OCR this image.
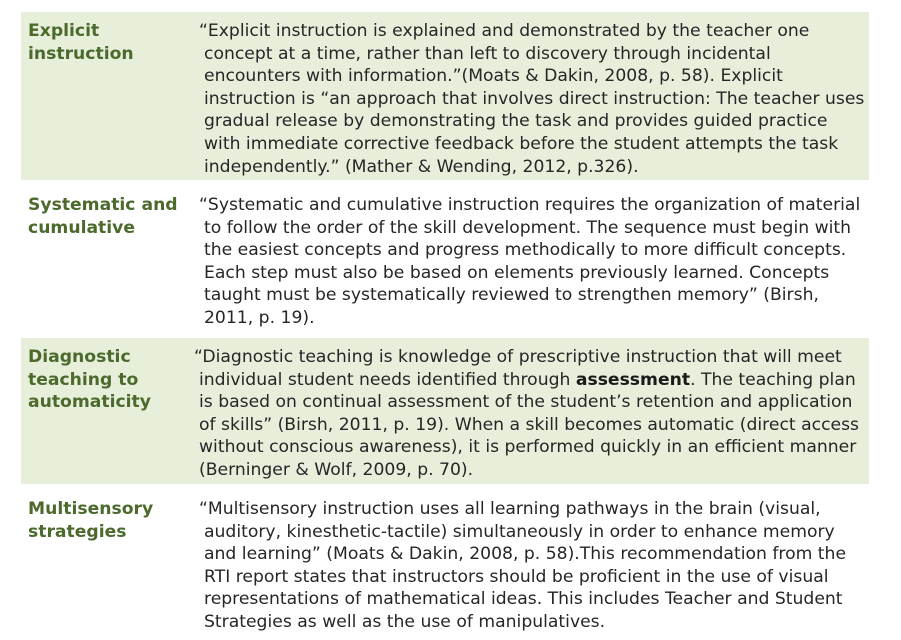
Explicit instruction
“Explicit instruction is explained and demonstrated by the teacher one concept at a time, rather than left to discovery through incidental encounters with information.”(Moats & Dakin, 2008, p. 58). Explicit instruction is “an approach that involves direct instruction: The teacher uses gradual release by demonstrating the task and provides guided practice with immediate corrective feedback before the student attempts the task independently.” (Mather & Wending, 2012, p.326).
Systematic and cumulative
“Systematic and cumulative instruction requires the organization of material to follow the order of the skill development. The sequence must begin with the easiest concepts and progress methodically to more difficult concepts. Each step must also be based on elements previously learned. Concepts taught must be systematically reviewed to strengthen memory” (Birsh, 2011, p. 19).
Diagnostic teaching to automaticity
“Diagnostic teaching is knowledge of prescriptive instruction that will meet individual student needs identified through assessment. The teaching plan is based on continual assessment of the student’s retention and application of skills” (Birsh, 2011, p. 19). When a skill becomes automatic (direct access without conscious awareness), it is performed quickly in an efficient manner (Berninger & Wolf, 2009, p. 70).
Multisensory strategies
“Multisensory instruction uses all learning pathways in the brain (visual, auditory, kinesthetic-tactile) simultaneously in order to enhance memory and learning” (Moats & Dakin, 2008, p. 58).This recommendation from the RTI report states that instructors should be proficient in the use of visual representations of mathematical ideas. This includes Teacher and Student Strategies as well as the use of manipulatives.
